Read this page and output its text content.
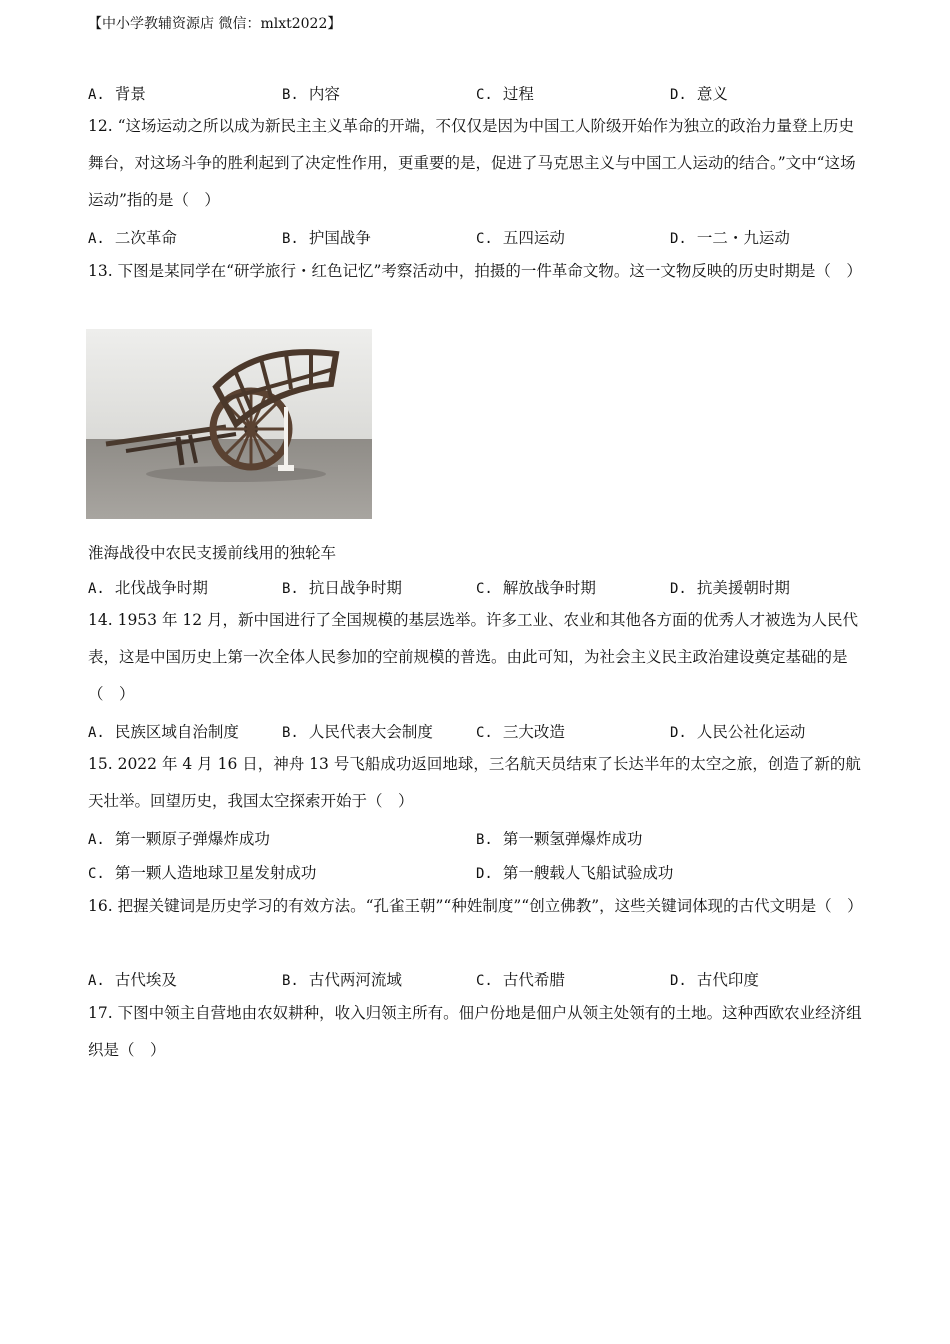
【中小学教辅资源店 微信：mlxt2022】
A. 背景	B. 内容	C. 过程	D. 意义
12. “这场运动之所以成为新民主主义革命的开端，不仅仅是因为中国工人阶级开始作为独立的政治力量登上历史舞台，对这场斗争的胜利起到了决定性作用，更重要的是，促进了马克思主义与中国工人运动的结合。”文中“这场运动”指的是（　）
A. 二次革命	B. 护国战争	C. 五四运动	D. 一二・九运动
13. 下图是某同学在“研学旅行・红色记忆”考察活动中，拍摄的一件革命文物。这一文物反映的历史时期是（　）
淮海战役中农民支援前线用的独轮车
A. 北伐战争时期	B. 抗日战争时期	C. 解放战争时期	D. 抗美援朝时期
14. 1953 年 12 月，新中国进行了全国规模的基层选举。许多工业、农业和其他各方面的优秀人才被选为人民代表，这是中国历史上第一次全体人民参加的空前规模的普选。由此可知，为社会主义民主政治建设奠定基础的是（　）
A. 民族区域自治制度	B. 人民代表大会制度	C. 三大改造	D. 人民公社化运动
15. 2022 年 4 月 16 日，神舟 13 号飞船成功返回地球，三名航天员结束了长达半年的太空之旅，创造了新的航天壮举。回望历史，我国太空探索开始于（　）
A. 第一颗原子弹爆炸成功	B. 第一颗氢弹爆炸成功
C. 第一颗人造地球卫星发射成功	D. 第一艘载人飞船试验成功
16. 把握关键词是历史学习的有效方法。“孔雀王朝”“种姓制度”“创立佛教”，这些关键词体现的古代文明是（　）
A. 古代埃及	B. 古代两河流域	C. 古代希腊	D. 古代印度
17. 下图中领主自营地由农奴耕种，收入归领主所有。佃户份地是佃户从领主处领有的土地。这种西欧农业经济组织是（　）
